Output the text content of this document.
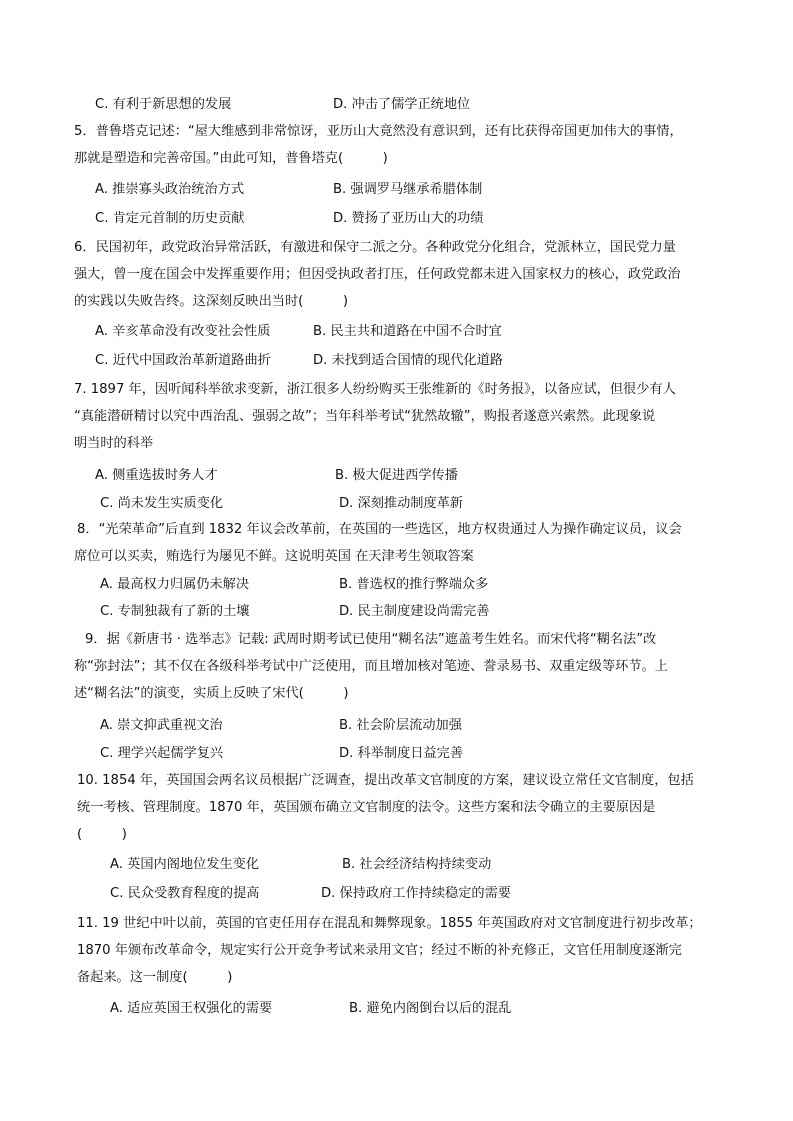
C. 有利于新思想的发展	D. 冲击了儒学正统地位
5．普鲁塔克记述：“屋大维感到非常惊讶，亚历山大竟然没有意识到，还有比获得帝国更加伟大的事情，
那就是塑造和完善帝国。”由此可知，普鲁塔克(　　　)
A. 推崇寡头政治统治方式	B. 强调罗马继承希腊体制
C. 肯定元首制的历史贡献	D. 赞扬了亚历山大的功绩
6．民国初年，政党政治异常活跃，有激进和保守二派之分。各种政党分化组合，党派林立，国民党力量
强大，曾一度在国会中发挥重要作用；但因受执政者打压，任何政党都未进入国家权力的核心，政党政治
的实践以失败告终。这深刻反映出当时(　　　)
A. 辛亥革命没有改变社会性质	B. 民主共和道路在中国不合时宜
C. 近代中国政治革新道路曲折	D. 未找到适合国情的现代化道路
7. 1897 年，因听闻科举欲求变新，浙江很多人纷纷购买王张维新的《时务报》，以备应试，但很少有人
“真能潜研精讨以究中西治乱、强弱之故”；当年科举考试“犹然故辙”，购报者遂意兴索然。此现象说
明当时的科举
A. 侧重选拔时务人才	B. 极大促进西学传播
C. 尚未发生实质变化	D. 深刻推动制度革新
8．“光荣革命”后直到 1832 年议会改革前，在英国的一些选区，地方权贵通过人为操作确定议员，议会
席位可以买卖，贿选行为屡见不鲜。这说明英国 在天津考生领取答案
A. 最高权力归属仍未解决	B. 普选权的推行弊端众多
C. 专制独裁有了新的土壤	D. 民主制度建设尚需完善
9．据《新唐书 · 选举志》记载: 武周时期考试已使用“糊名法”遮盖考生姓名。而宋代将“糊名法”改
称“弥封法”；其不仅在各级科举考试中广泛使用，而且增加核对笔迹、誊录易书、双重定级等环节。上
述“糊名法”的演变，实质上反映了宋代(　　　)
A. 崇文抑武重视文治	B. 社会阶层流动加强
C. 理学兴起儒学复兴	D. 科举制度日益完善
10. 1854 年，英国国会两名议员根据广泛调查，提出改革文官制度的方案，建议设立常任文官制度，包括
统一考核、管理制度。1870 年，英国颁布确立文官制度的法令。这些方案和法令确立的主要原因是
(　　　)
A. 英国内阁地位发生变化	B. 社会经济结构持续变动
C. 民众受教育程度的提高	D. 保持政府工作持续稳定的需要
11. 19 世纪中叶以前，英国的官吏任用存在混乱和舞弊现象。1855 年英国政府对文官制度进行初步改革；
1870 年颁布改革命令，规定实行公开竞争考试来录用文官；经过不断的补充修正，文官任用制度逐渐完
备起来。这一制度(　　　)
A. 适应英国王权强化的需要	B. 避免内阁倒台以后的混乱
